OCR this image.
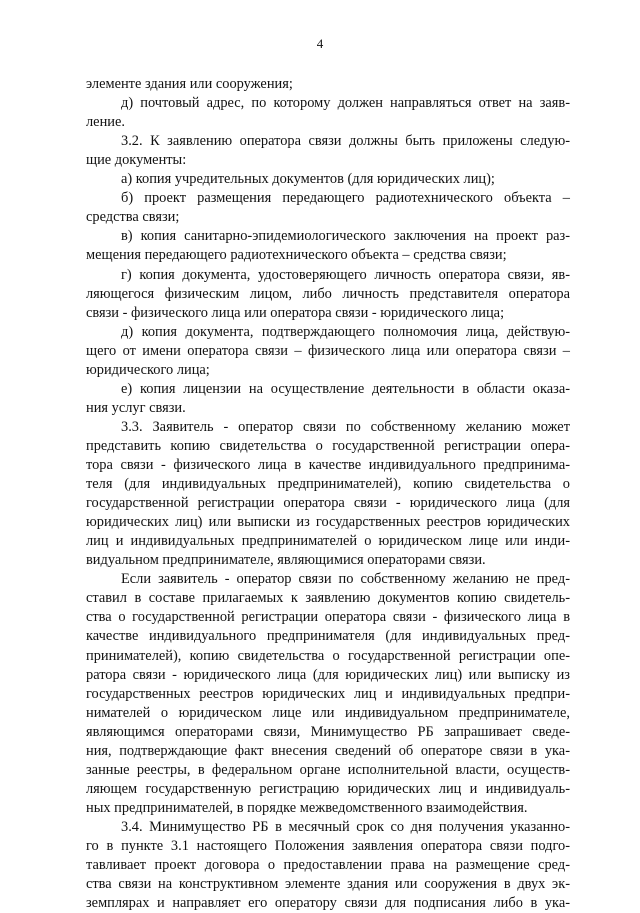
4
элементе здания или сооружения;
д) почтовый адрес, по которому должен направляться ответ на заяв-
ление.
3.2. К заявлению оператора связи должны быть приложены следую-
щие документы:
а) копия учредительных документов (для юридических лиц);
б) проект размещения передающего радиотехнического объекта –
средства связи;
в) копия санитарно-эпидемиологического заключения на проект раз-
мещения передающего радиотехнического объекта – средства связи;
г) копия документа, удостоверяющего личность оператора связи, яв-
ляющегося физическим лицом, либо личность представителя оператора
связи - физического лица или оператора связи - юридического лица;
д) копия документа, подтверждающего полномочия лица, действую-
щего от имени оператора связи – физического лица или оператора связи –
юридического лица;
е) копия лицензии на осуществление деятельности в области оказа-
ния услуг связи.
3.3. Заявитель - оператор связи по собственному желанию может
представить копию свидетельства о государственной регистрации опера-
тора связи - физического лица в качестве индивидуального предпринима-
теля (для индивидуальных предпринимателей), копию свидетельства о
государственной регистрации оператора связи - юридического лица (для
юридических лиц) или выписки из государственных реестров юридических
лиц и индивидуальных предпринимателей о юридическом лице или инди-
видуальном предпринимателе, являющимися операторами связи.
Если заявитель - оператор связи по собственному желанию не пред-
ставил в составе прилагаемых к заявлению документов копию свидетель-
ства о государственной регистрации оператора связи - физического лица в
качестве индивидуального предпринимателя (для индивидуальных пред-
принимателей), копию свидетельства о государственной регистрации опе-
ратора связи - юридического лица (для юридических лиц) или выписку из
государственных реестров юридических лиц и индивидуальных предпри-
нимателей о юридическом лице или индивидуальном предпринимателе,
являющимся операторами связи, Минимущество РБ запрашивает сведе-
ния, подтверждающие факт внесения сведений об операторе связи в ука-
занные реестры, в федеральном органе исполнительной власти, осуществ-
ляющем государственную регистрацию юридических лиц и индивидуаль-
ных предпринимателей, в порядке межведомственного взаимодействия.
3.4. Минимущество РБ в месячный срок со дня получения указанно-
го в пункте 3.1 настоящего Положения заявления оператора связи подго-
тавливает проект договора о предоставлении права на размещение сред-
ства связи на конструктивном элементе здания или сооружения в двух эк-
земплярах и направляет его оператору связи для подписания либо в ука-
